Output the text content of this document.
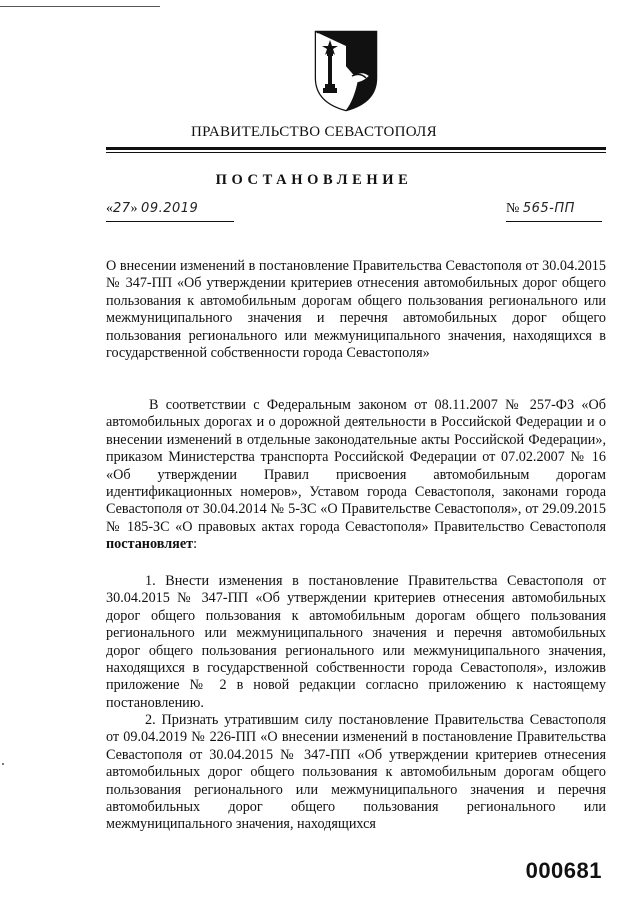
ПРАВИТЕЛЬСТВО СЕВАСТОПОЛЯ
ПОСТАНОВЛЕНИЕ
«27» 09.2019	№ 565-ПП
О внесении изменений в постановление Правительства Севастополя от 30.04.2015 № 347-ПП «Об утверждении критериев отнесения автомобильных дорог общего пользования к автомобильным дорогам общего пользования регионального или межмуниципального значения и перечня автомобильных дорог общего пользования регионального или межмуниципального значения, находящихся в государственной собственности города Севастополя»
В соответствии с Федеральным законом от 08.11.2007 № 257-ФЗ «Об автомобильных дорогах и о дорожной деятельности в Российской Федерации и о внесении изменений в отдельные законодательные акты Российской Федерации», приказом Министерства транспорта Российской Федерации от 07.02.2007 № 16 «Об утверждении Правил присвоения автомобильным дорогам идентификационных номеров», Уставом города Севастополя, законами города Севастополя от 30.04.2014 № 5-ЗС «О Правительстве Севастополя», от 29.09.2015 № 185-ЗС «О правовых актах города Севастополя» Правительство Севастополя постановляет:
1. Внести изменения в постановление Правительства Севастополя от 30.04.2015 № 347-ПП «Об утверждении критериев отнесения автомобильных дорог общего пользования к автомобильным дорогам общего пользования регионального или межмуниципального значения и перечня автомобильных дорог общего пользования регионального или межмуниципального значения, находящихся в государственной собственности города Севастополя», изложив приложение № 2 в новой редакции согласно приложению к настоящему постановлению.
2. Признать утратившим силу постановление Правительства Севастополя от 09.04.2019 № 226-ПП «О внесении изменений в постановление Правительства Севастополя от 30.04.2015 № 347-ПП «Об утверждении критериев отнесения автомобильных дорог общего пользования к автомобильным дорогам общего пользования регионального или межмуниципального значения и перечня автомобильных дорог общего пользования регионального или межмуниципального значения, находящихся
000681
